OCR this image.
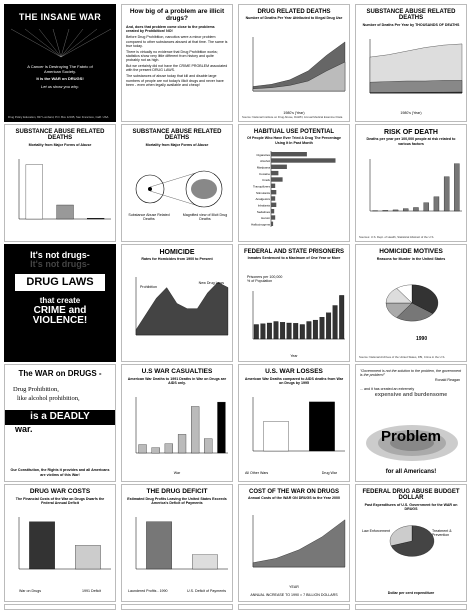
THE INSANE WAR
A Cancer Is Destroying The Fabric of
American Society.
It is the WAR on DRUGS!
Let us show you why.
Drug Policy Education, 827 Lombard, P.O. Box 12345, San Francisco, Calif. USA
How big of a problem are illicit drugs?
And, does that problem come close to the problems created by Prohibition! NO!
Before Drug Prohibition, narcotics were a minor problem compared to other substances abused at that time. The same is true today.
There is virtually no evidence that Drug Prohibition works; statistics show very little different from history and quite probably not as high.
But we certainly did not have the CRIME PROBLEM associated with the present DRUG LAWS.
The substances of abuse today that kill and disable large numbers of people are not today's illicit drugs and never have been - even when legally available and cheap!
DRUG RELATED DEATHS
Number of Deaths Per Year Attributed to Illegal Drug Use
1980's (Year)
Source: National Institute on Drug Abuse, DAWN, Annual Medical Examiner Data
SUBSTANCE ABUSE RELATED DEATHS
Number of Deaths Per Year by THOUSANDS OF DEATHS
1980's (Year)
SUBSTANCE ABUSE RELATED DEATHS
Mortality from Major Forms of Abuse
SUBSTANCE ABUSE RELATED DEATHS
Mortality from Major Forms of Abuse
Substance Abuse Related Deaths
Magnified view of Illicit Drug Deaths
HABITUAL USE POTENTIAL
Of People Who Have Ever Tried A Drug The Percentage Using It In Past Month
Cigarettes
Alcohol
Marijuana
Cocaine
Crack
Tranquilizers
Stimulants
Analgesics
Inhalants
Sedatives
Heroin
Hallucinogens
RISK OF DEATH
Deaths per year per 100,000 people at risk related to various factors
Sources: U.S. Dept. of Health, Statistical Abstract of the U.S.
It's not drugs-
It's not drugs-
DRUG LAWS
that create
CRIME and
VIOLENCE!
HOMICIDE
Rates for Homicides from 1900 to Present
Prohibition
New Drug Laws
FEDERAL AND STATE PRISONERS
Inmates Sentenced to a Maximum of One Year or More
Prisoners per 100,000
% of Population
Year
HOMICIDE MOTIVES
Reasons for Murder in the United States
1990
Source: National Archives of the United States, FBI, Crime in the U.S.
The WAR on DRUGS -
Drug Prohibition,
like alcohol prohibition,
is a DEADLY
war.
Our Constitution, the Rights it provides and all Americans are victims of this War!
U.S WAR CASUALTIES
American War Deaths to 1991 Deaths in War on Drugs are AIDS only.
War
U.S. WAR LOSSES
American War Deaths compared to AIDS deaths from War on Drugs by 1995
All Other Wars	Drug War
"Government is not the solution to the problem, the government is the problem!"
Ronald Reagan
... and it has created an extremely
expensive and burdensome
Problem
for all Americans!
DRUG WAR COSTS
The Financial Costs of the War on Drugs Dwarfs the Federal Annual Deficit
War on Drugs	1991 Deficit
THE DRUG DEFICIT
Estimated Drug Profits Leaving the United States Exceeds America's Deficit of Payments
Laundered Profits - 1990	U.S. Deficit of Payments
COST OF THE WAR ON DRUGS
Annual Costs of the WAR ON DRUGS to the Year 2000
YEAR
ANNUAL INCREASE TO 1990 = 7 BILLION DOLLARS
FEDERAL DRUG ABUSE BUDGET DOLLAR
Past Expenditures of U.S. Government for the WAR on DRUGS
Law Enforcement	Treatment & Prevention
Dollar per cent expenditure
